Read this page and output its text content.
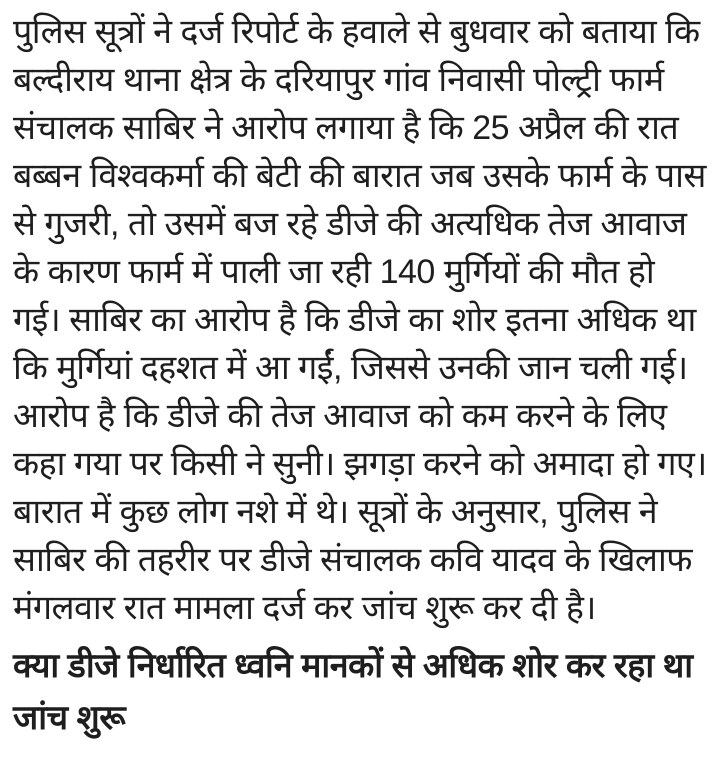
पुलिस सूत्रों ने दर्ज रिपोर्ट के हवाले से बुधवार को बताया कि
बल्दीराय थाना क्षेत्र के दरियापुर गांव निवासी पोल्ट्री फार्म
संचालक साबिर ने आरोप लगाया है कि 25 अप्रैल की रात
बब्बन विश्वकर्मा की बेटी की बारात जब उसके फार्म के पास
से गुजरी, तो उसमें बज रहे डीजे की अत्यधिक तेज आवाज
के कारण फार्म में पाली जा रही 140 मुर्गियों की मौत हो
गई। साबिर का आरोप है कि डीजे का शोर इतना अधिक था
कि मुर्गियां दहशत में आ गईं, जिससे उनकी जान चली गई।
आरोप है कि डीजे की तेज आवाज को कम करने के लिए
कहा गया पर किसी ने सुनी। झगड़ा करने को अमादा हो गए।
बारात में कुछ लोग नशे में थे। सूत्रों के अनुसार, पुलिस ने
साबिर की तहरीर पर डीजे संचालक कवि यादव के खिलाफ
मंगलवार रात मामला दर्ज कर जांच शुरू कर दी है।
क्या डीजे निर्धारित ध्वनि मानकों से अधिक शोर कर रहा था
जांच शुरू
